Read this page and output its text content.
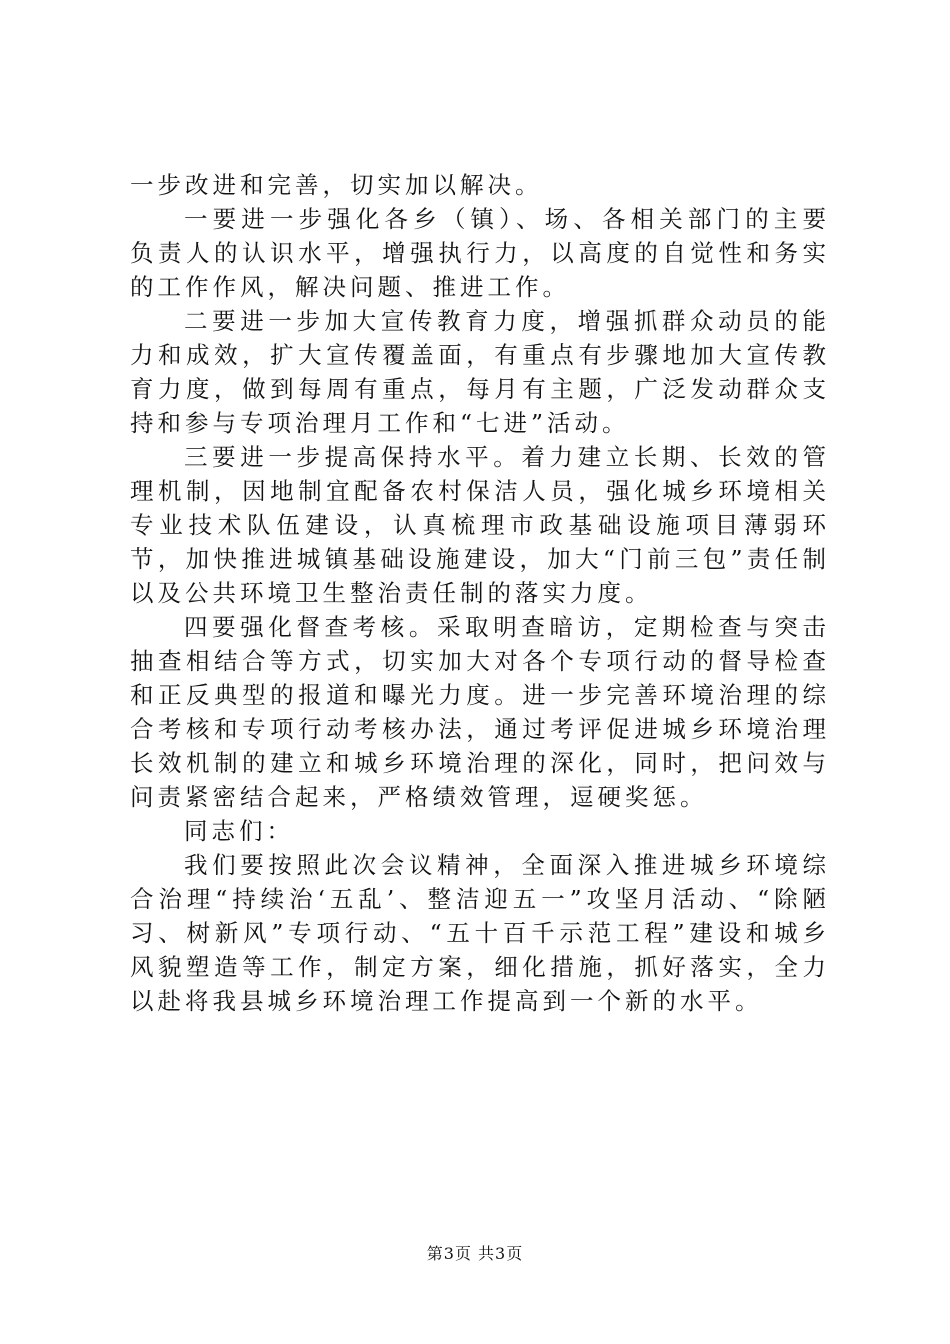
一步改进和完善，切实加以解决。

一要进一步强化各乡（镇）、场、各相关部门的主要负责人的认识水平，增强执行力，以高度的自觉性和务实的工作作风，解决问题、推进工作。

二要进一步加大宣传教育力度，增强抓群众动员的能力和成效，扩大宣传覆盖面，有重点有步骤地加大宣传教育力度，做到每周有重点，每月有主题，广泛发动群众支持和参与专项治理月工作和“七进”活动。

三要进一步提高保持水平。着力建立长期、长效的管理机制，因地制宜配备农村保洁人员，强化城乡环境相关专业技术队伍建设，认真梳理市政基础设施项目薄弱环节，加快推进城镇基础设施建设，加大“门前三包”责任制以及公共环境卫生整治责任制的落实力度。

四要强化督查考核。采取明查暗访，定期检查与突击抽查相结合等方式，切实加大对各个专项行动的督导检查和正反典型的报道和曝光力度。进一步完善环境治理的综合考核和专项行动考核办法，通过考评促进城乡环境治理长效机制的建立和城乡环境治理的深化，同时，把问效与问责紧密结合起来，严格绩效管理，逗硬奖惩。

同志们：

我们要按照此次会议精神，全面深入推进城乡环境综合治理“持续治‘五乱’、整洁迎五一”攻坚月活动、“除陋习、树新风”专项行动、“五十百千示范工程”建设和城乡风貌塑造等工作，制定方案，细化措施，抓好落实，全力以赴将我县城乡环境治理工作提高到一个新的水平。

第3页 共3页
